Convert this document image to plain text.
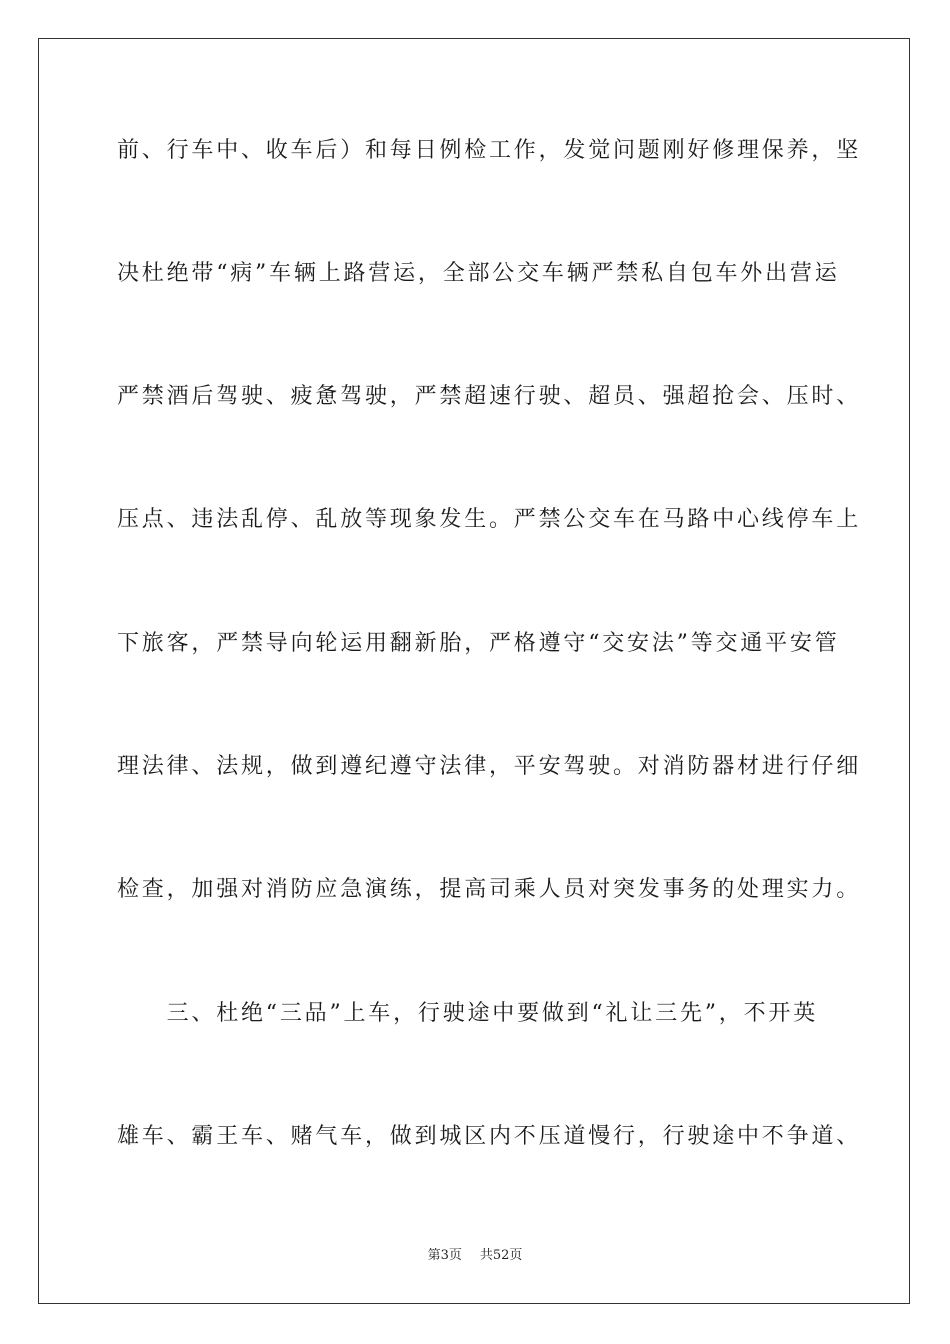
前、行车中、收车后）和每日例检工作，发觉问题刚好修理保养，坚
决杜绝带“病”车辆上路营运，全部公交车辆严禁私自包车外出营运
严禁酒后驾驶、疲惫驾驶，严禁超速行驶、超员、强超抢会、压时、
压点、违法乱停、乱放等现象发生。严禁公交车在马路中心线停车上
下旅客，严禁导向轮运用翻新胎，严格遵守“交安法”等交通平安管
理法律、法规，做到遵纪遵守法律，平安驾驶。对消防器材进行仔细
检查，加强对消防应急演练，提高司乘人员对突发事务的处理实力。
　　三、杜绝“三品”上车，行驶途中要做到“礼让三先”，不开英
雄车、霸王车、赌气车，做到城区内不压道慢行，行驶途中不争道、
第3页 共52页
